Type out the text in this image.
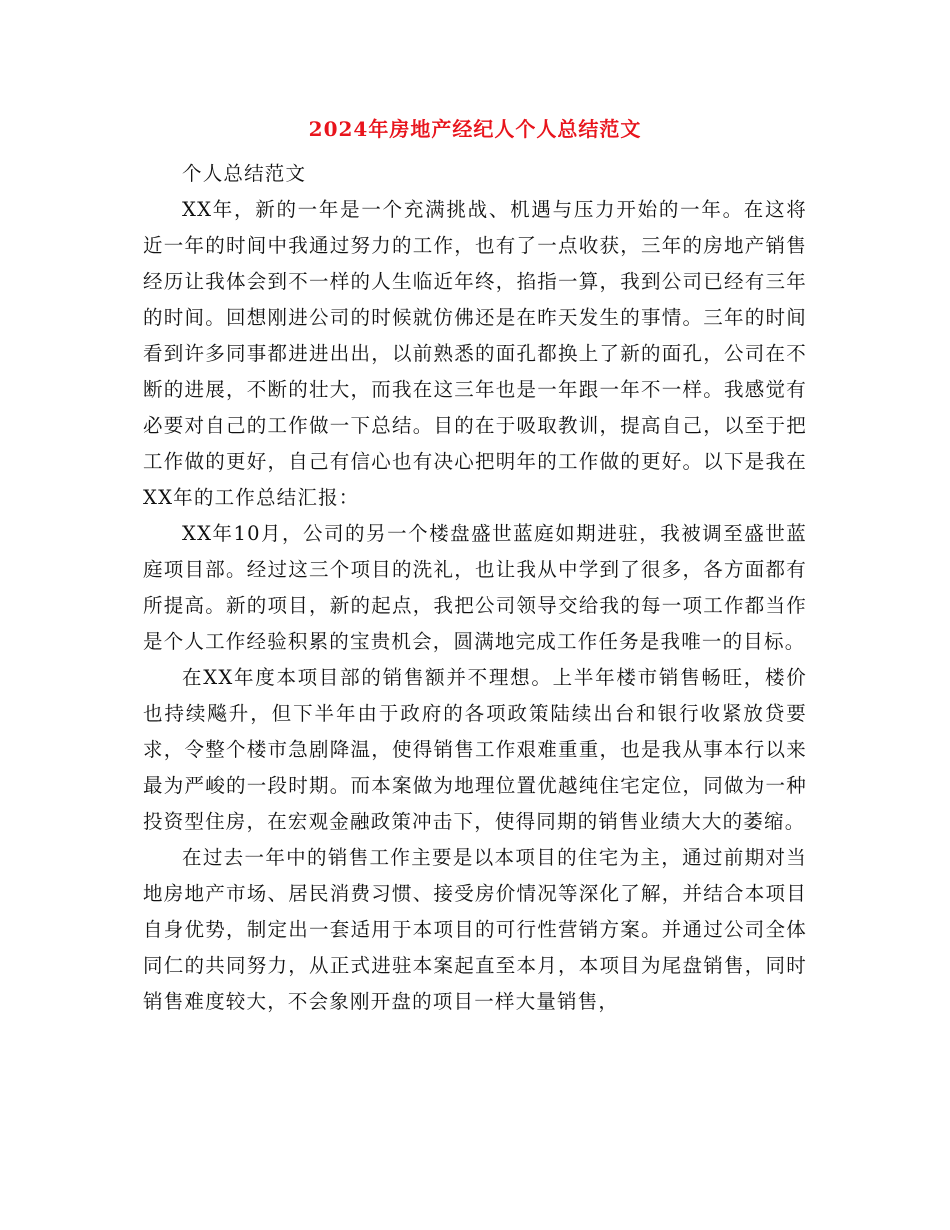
2024年房地产经纪人个人总结范文

个人总结范文

XX年，新的一年是一个充满挑战、机遇与压力开始的一年。在这将近一年的时间中我通过努力的工作，也有了一点收获，三年的房地产销售经历让我体会到不一样的人生临近年终，掐指一算，我到公司已经有三年的时间。回想刚进公司的时候就仿佛还是在昨天发生的事情。三年的时间看到许多同事都进进出出，以前熟悉的面孔都换上了新的面孔，公司在不断的进展，不断的壮大，而我在这三年也是一年跟一年不一样。我感觉有必要对自己的工作做一下总结。目的在于吸取教训，提高自己，以至于把工作做的更好，自己有信心也有决心把明年的工作做的更好。以下是我在XX年的工作总结汇报：

XX年10月，公司的另一个楼盘盛世蓝庭如期进驻，我被调至盛世蓝庭项目部。经过这三个项目的洗礼，也让我从中学到了很多，各方面都有所提高。新的项目，新的起点，我把公司领导交给我的每一项工作都当作是个人工作经验积累的宝贵机会，圆满地完成工作任务是我唯一的目标。

在XX年度本项目部的销售额并不理想。上半年楼市销售畅旺，楼价也持续飚升，但下半年由于政府的各项政策陆续出台和银行收紧放贷要求，令整个楼市急剧降温，使得销售工作艰难重重，也是我从事本行以来最为严峻的一段时期。而本案做为地理位置优越纯住宅定位，同做为一种投资型住房，在宏观金融政策冲击下，使得同期的销售业绩大大的萎缩。

在过去一年中的销售工作主要是以本项目的住宅为主，通过前期对当地房地产市场、居民消费习惯、接受房价情况等深化了解，并结合本项目自身优势，制定出一套适用于本项目的可行性营销方案。并通过公司全体同仁的共同努力，从正式进驻本案起直至本月，本项目为尾盘销售，同时销售难度较大，不会象刚开盘的项目一样大量销售，
